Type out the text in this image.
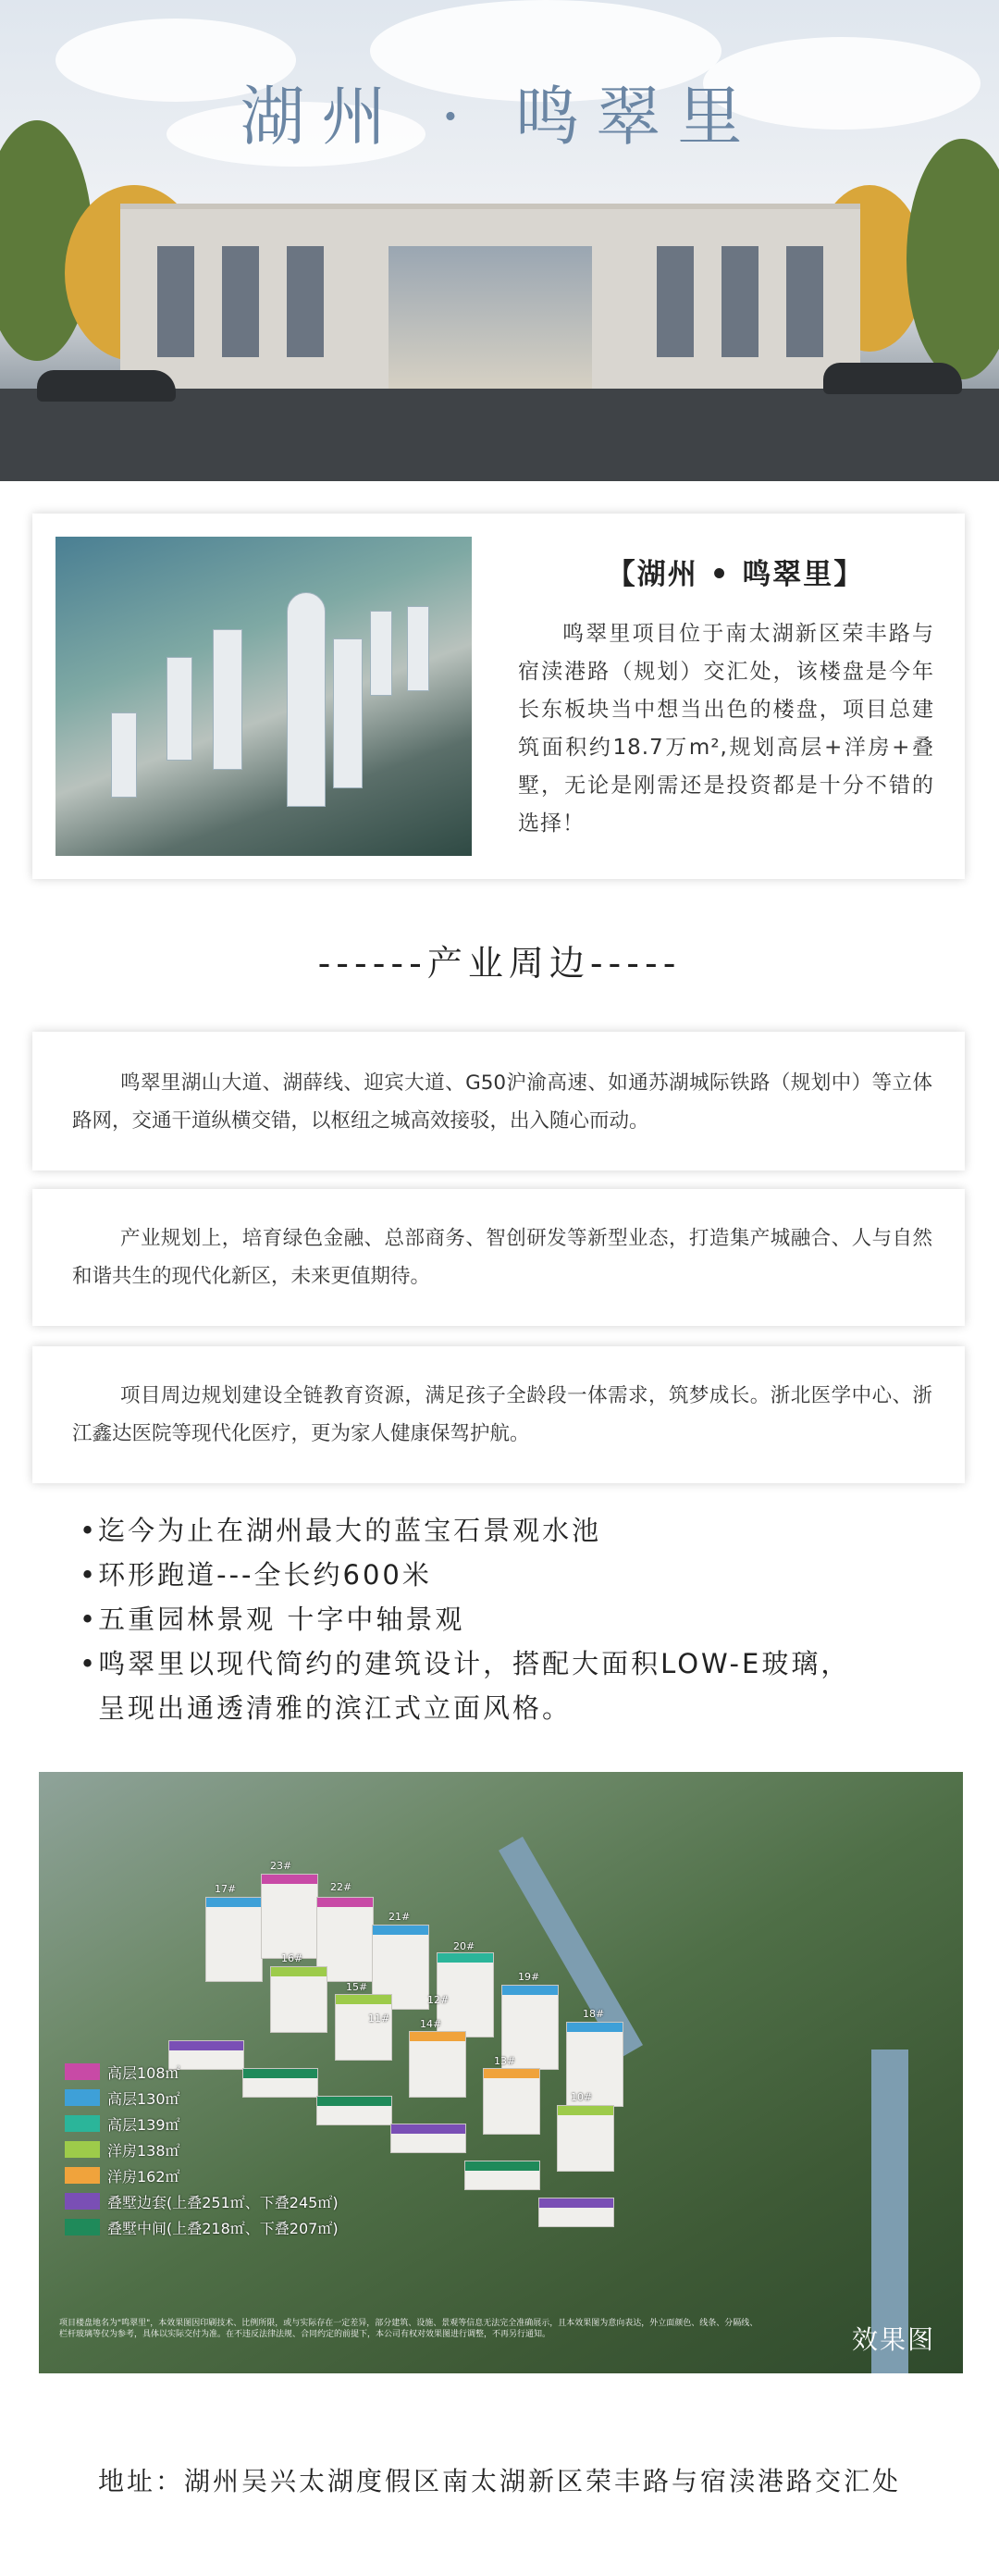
湖州 · 鸣翠里
【湖州 • 鸣翠里】
鸣翠里项目位于南太湖新区荣丰路与宿渎港路（规划）交汇处，该楼盘是今年长东板块当中想当出色的楼盘，项目总建筑面积约18.7万m²,规划高层+洋房+叠墅，无论是刚需还是投资都是十分不错的选择！
------产业周边-----
鸣翠里湖山大道、湖薛线、迎宾大道、G50沪渝高速、如通苏湖城际铁路（规划中）等立体路网，交通干道纵横交错，以枢纽之城高效接驳，出入随心而动。
产业规划上，培育绿色金融、总部商务、智创研发等新型业态，打造集产城融合、人与自然和谐共生的现代化新区，未来更值期待。
项目周边规划建设全链教育资源，满足孩子全龄段一体需求，筑梦成长。浙北医学中心、浙江鑫达医院等现代化医疗，更为家人健康保驾护航。
•迄今为止在湖州最大的蓝宝石景观水池
•环形跑道---全长约600米
•五重园林景观 十字中轴景观
•鸣翠里以现代简约的建筑设计，搭配大面积LOW-E玻璃，
呈现出通透清雅的滨江式立面风格。
高层108㎡
高层130㎡
高层139㎡
洋房138㎡
洋房162㎡
叠墅边套(上叠251㎡、下叠245㎡)
叠墅中间(上叠218㎡、下叠207㎡)
项目楼盘地名为"鸣翠里"，本效果图因印刷技术、比例所限，或与实际存在一定差异，部分建筑、设施、景观等信息无法完全准确展示，且本效果图为意向表达，外立面颜色、线条、分隔线、栏杆玻璃等仅为参考，具体以实际交付为准。在不违反法律法规、合同约定的前提下，本公司有权对效果图进行调整，不再另行通知。	效果图
23#
22#
17#
21#
20#
19#
18#
16#
15#
14#
13#
12#
11#
10#
地址：湖州吴兴太湖度假区南太湖新区荣丰路与宿渎港路交汇处
